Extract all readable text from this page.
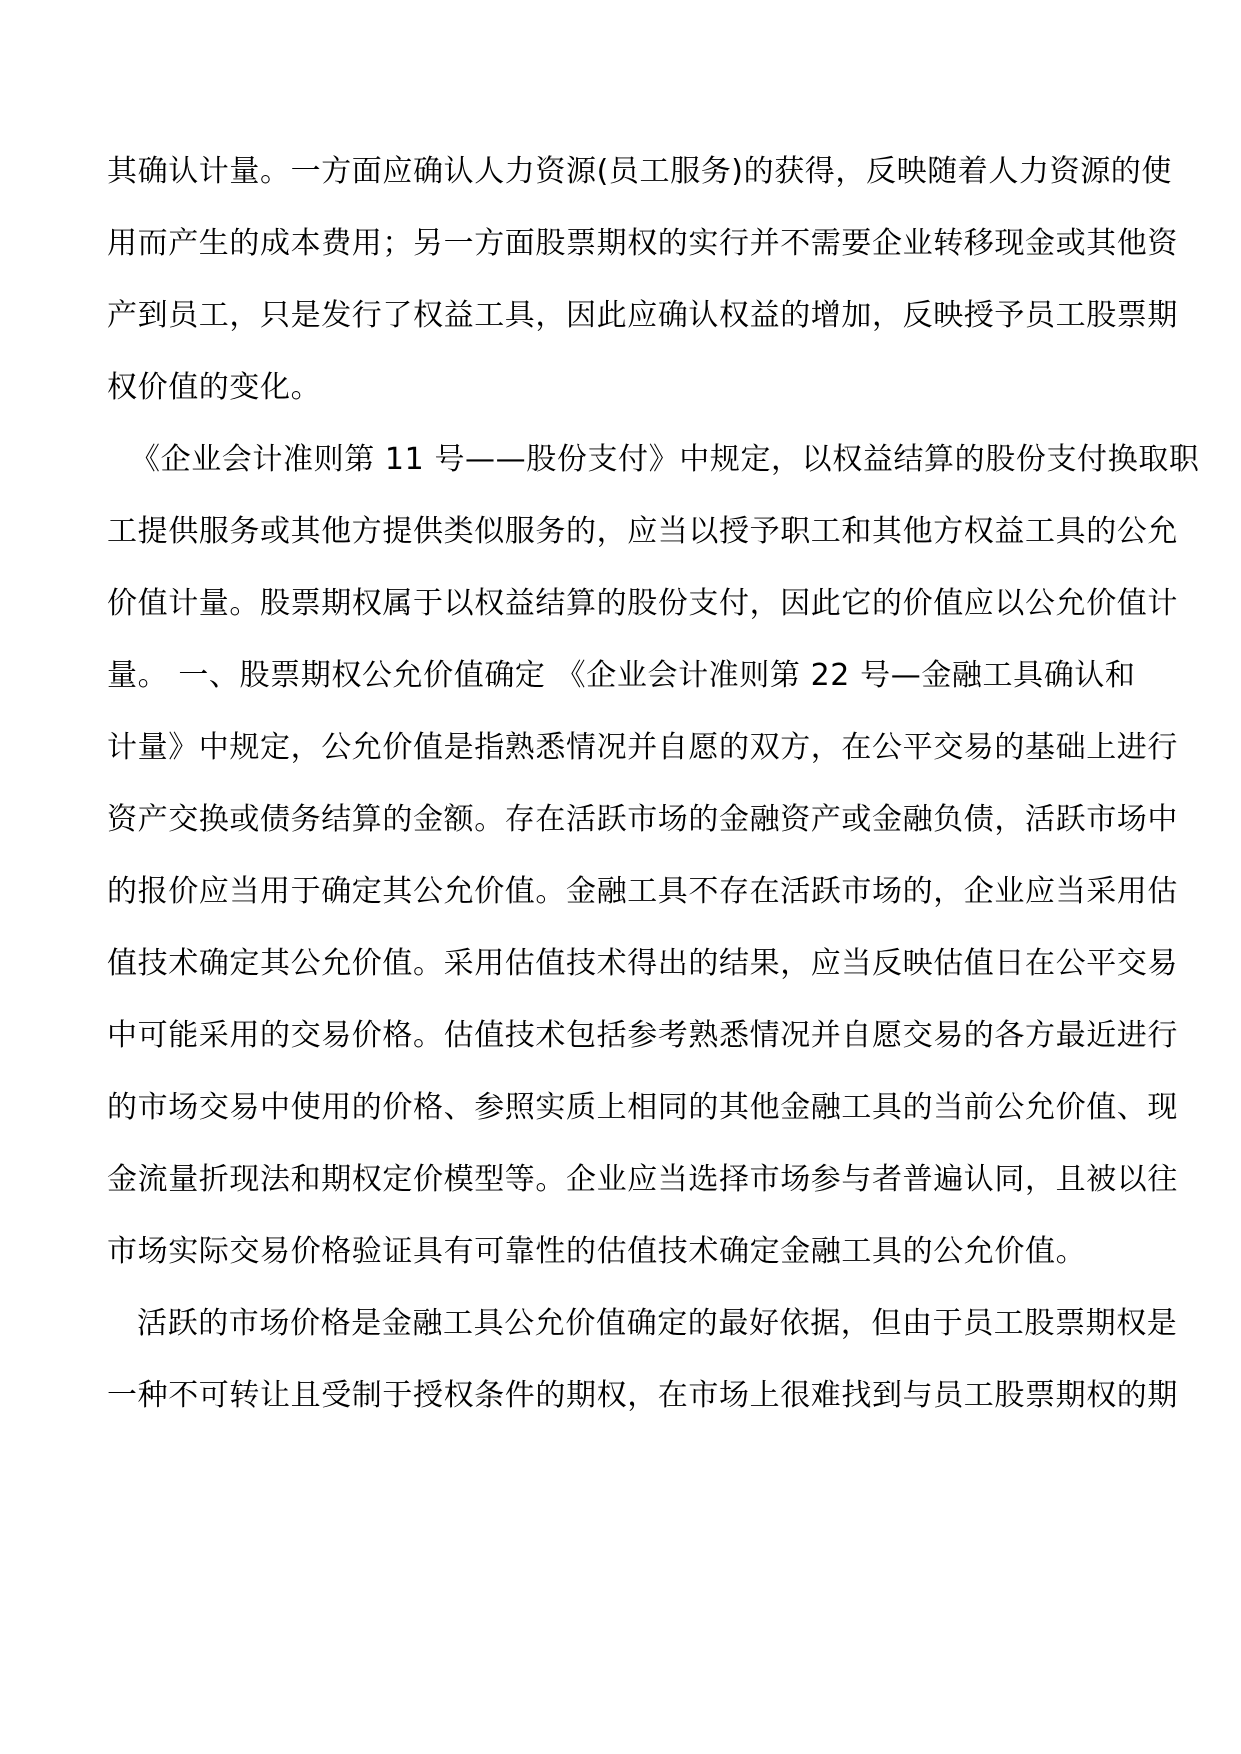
其确认计量。一方面应确认人力资源(员工服务)的获得，反映随着人力资源的使
用而产生的成本费用；另一方面股票期权的实行并不需要企业转移现金或其他资
产到员工，只是发行了权益工具，因此应确认权益的增加，反映授予员工股票期
权价值的变化。
《企业会计准则第 11 号——股份支付》中规定，以权益结算的股份支付换取职
工提供服务或其他方提供类似服务的，应当以授予职工和其他方权益工具的公允
价值计量。股票期权属于以权益结算的股份支付，因此它的价值应以公允价值计
量。 一、股票期权公允价值确定 《企业会计准则第 22 号—金融工具确认和
计量》中规定，公允价值是指熟悉情况并自愿的双方，在公平交易的基础上进行
资产交换或债务结算的金额。存在活跃市场的金融资产或金融负债，活跃市场中
的报价应当用于确定其公允价值。金融工具不存在活跃市场的，企业应当采用估
值技术确定其公允价值。采用估值技术得出的结果，应当反映估值日在公平交易
中可能采用的交易价格。估值技术包括参考熟悉情况并自愿交易的各方最近进行
的市场交易中使用的价格、参照实质上相同的其他金融工具的当前公允价值、现
金流量折现法和期权定价模型等。企业应当选择市场参与者普遍认同，且被以往
市场实际交易价格验证具有可靠性的估值技术确定金融工具的公允价值。
活跃的市场价格是金融工具公允价值确定的最好依据，但由于员工股票期权是
一种不可转让且受制于授权条件的期权，在市场上很难找到与员工股票期权的期
